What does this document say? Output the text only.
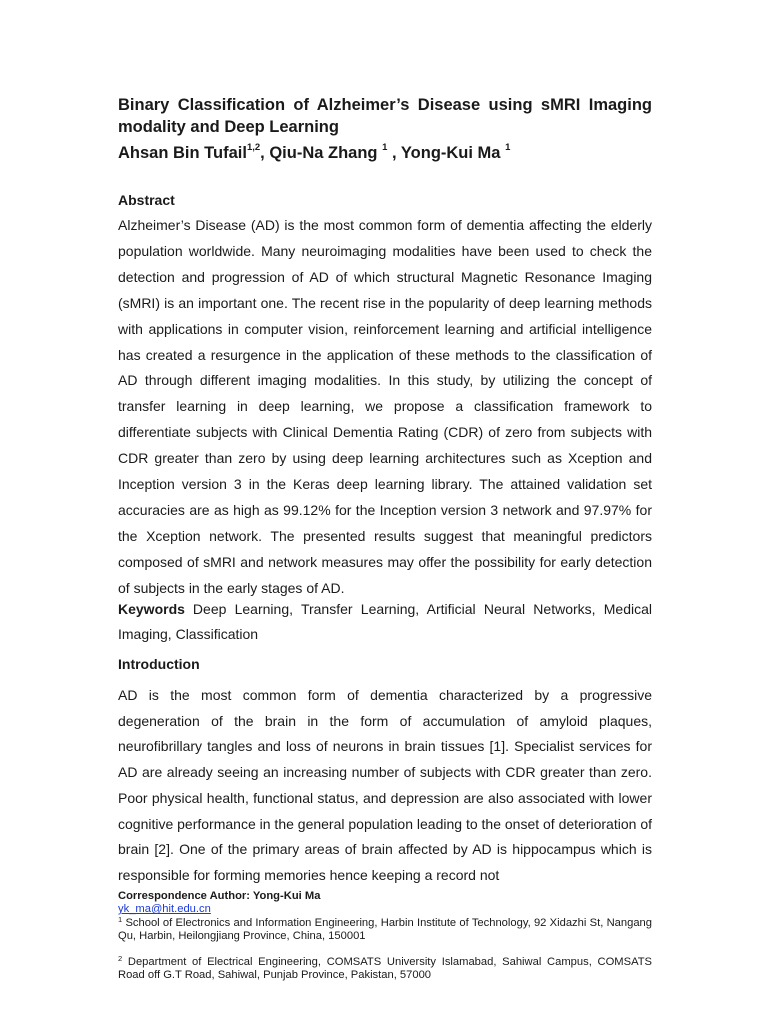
Binary Classification of Alzheimer’s Disease using sMRI Imaging modality and Deep Learning
Ahsan Bin Tufail$^{1,2}$, Qiu-Na Zhang $^1$ , Yong-Kui Ma $^1$
Abstract

Alzheimer’s Disease (AD) is the most common form of dementia affecting the elderly population worldwide. Many neuroimaging modalities have been used to check the detection and progression of AD of which structural Magnetic Resonance Imaging (sMRI) is an important one. The recent rise in the popularity of deep learning methods with applications in computer vision, reinforcement learning and artificial intelligence has created a resurgence in the application of these methods to the classification of AD through different imaging modalities. In this study, by utilizing the concept of transfer learning in deep learning, we propose a classification framework to differentiate subjects with Clinical Dementia Rating (CDR) of zero from subjects with CDR greater than zero by using deep learning architectures such as Xception and Inception version 3 in the Keras deep learning library. The attained validation set accuracies are as high as 99.12% for the Inception version 3 network and 97.97% for the Xception network. The presented results suggest that meaningful predictors composed of sMRI and network measures may offer the possibility for early detection of subjects in the early stages of AD.

Keywords Deep Learning, Transfer Learning, Artificial Neural Networks, Medical Imaging, Classification

Introduction

AD is the most common form of dementia characterized by a progressive degeneration of the brain in the form of accumulation of amyloid plaques, neurofibrillary tangles and loss of neurons in brain tissues [1]. Specialist services for AD are already seeing an increasing number of subjects with CDR greater than zero. Poor physical health, functional status, and depression are also associated with lower cognitive performance in the general population leading to the onset of deterioration of brain [2]. One of the primary areas of brain affected by AD is hippocampus which is responsible for forming memories hence keeping a record not

Correspondence Author: Yong-Kui Ma
yk_ma@hit.edu.cn
$^1$ School of Electronics and Information Engineering, Harbin Institute of Technology, 92 Xidazhi St, Nangang Qu, Harbin, Heilongjiang Province, China, 150001
$^2$ Department of Electrical Engineering, COMSATS University Islamabad, Sahiwal Campus, COMSATS Road off G.T Road, Sahiwal, Punjab Province, Pakistan, 57000
